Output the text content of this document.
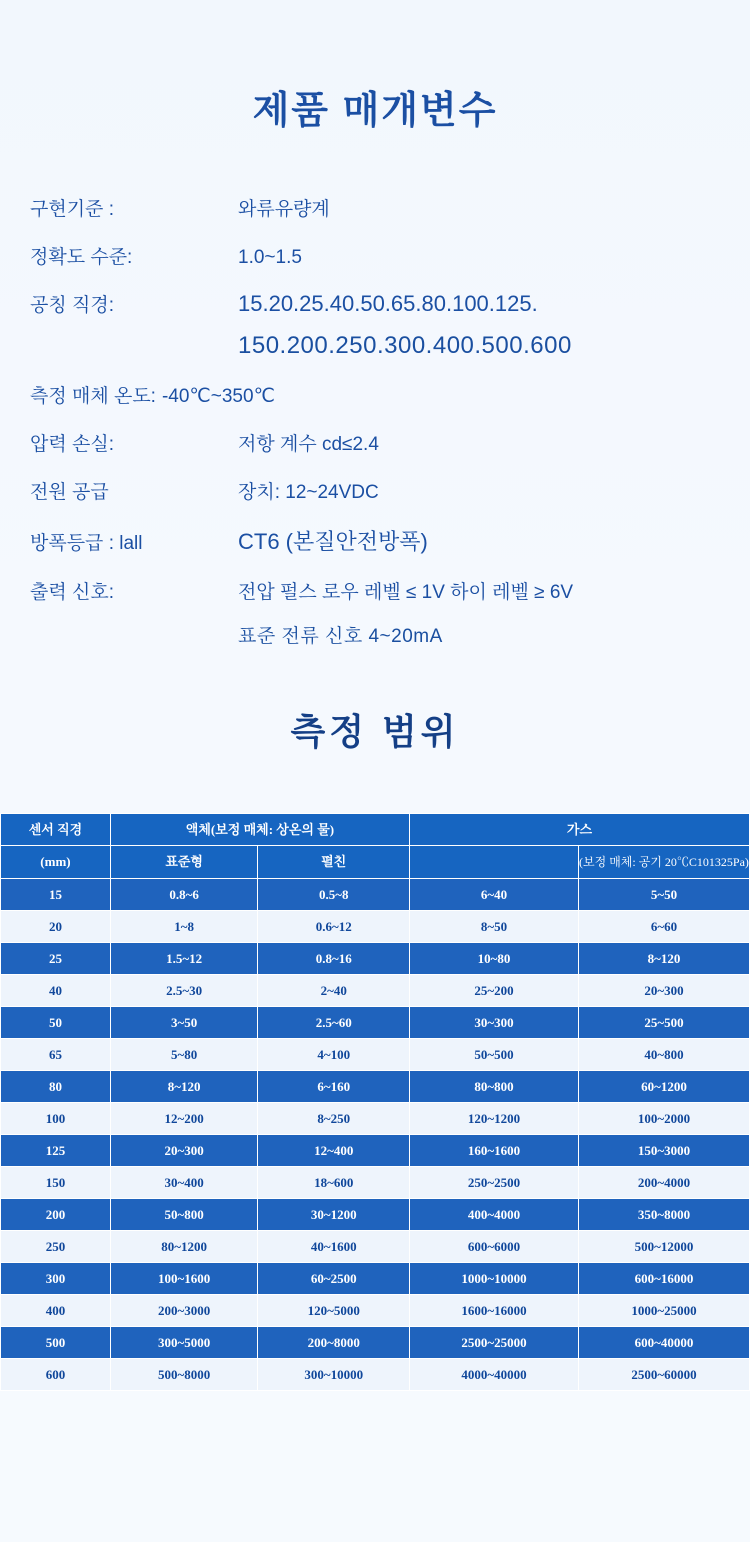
제품 매개변수
구현기준 :	와류유량계
정확도 수준:	1.0~1.5
공칭 직경:	15.20.25.40.50.65.80.100.125.
150.200.250.300.400.500.600
측정 매체 온도: -40℃~350℃
압력 손실:	저항 계수 cd≤2.4
전원 공급	장치: 12~24VDC
방폭등급 : lall	CT6 (본질안전방폭)
출력 신호:	전압 펄스 로우 레벨 ≤ 1V 하이 레벨 ≥ 6V
표준 전류 신호 4~20mA
측정 범위
센서 직경	액체(보정 매체: 상온의 물)		가스	
(mm)	표준형	펼친		(보정 매체: 공기 20℃C101325Pa)
15	0.8~6	0.5~8	6~40	5~50
20	1~8	0.6~12	8~50	6~60
25	1.5~12	0.8~16	10~80	8~120
40	2.5~30	2~40	25~200	20~300
50	3~50	2.5~60	30~300	25~500
65	5~80	4~100	50~500	40~800
80	8~120	6~160	80~800	60~1200
100	12~200	8~250	120~1200	100~2000
125	20~300	12~400	160~1600	150~3000
150	30~400	18~600	250~2500	200~4000
200	50~800	30~1200	400~4000	350~8000
250	80~1200	40~1600	600~6000	500~12000
300	100~1600	60~2500	1000~10000	600~16000
400	200~3000	120~5000	1600~16000	1000~25000
500	300~5000	200~8000	2500~25000	600~40000
600	500~8000	300~10000	4000~40000	2500~60000
